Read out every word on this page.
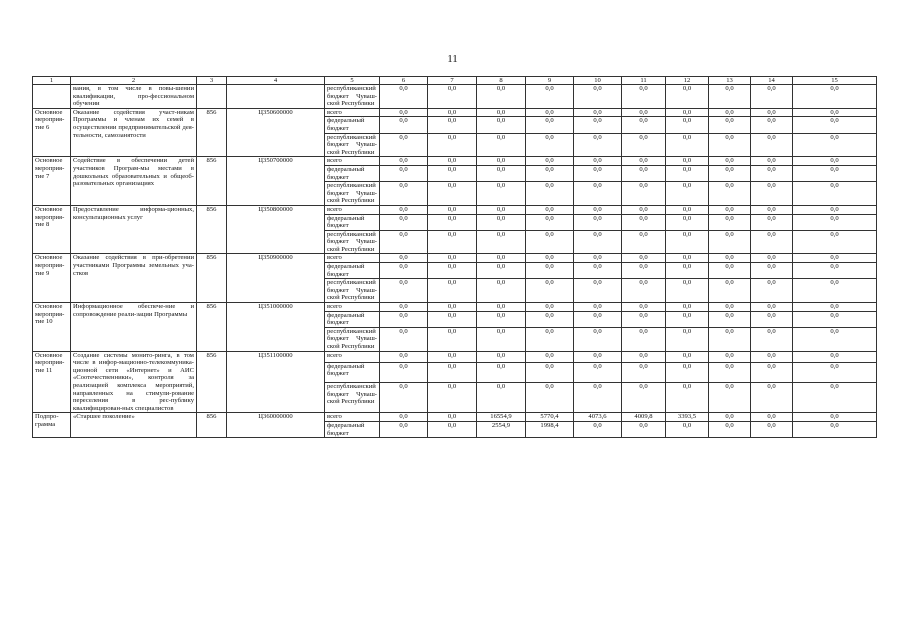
11
1	2	3	4	5	6	7	8	9	10	11	12	13	14	15
	вания, в том числе в повы-шении квалификации, про-фессиональном обучении			республиканский бюджет Чуваш-ской Республики	0,0	0,0	0,0	0,0	0,0	0,0	0,0	0,0	0,0	0,0
Основное мероприя-тие 6	Оказание содействия участ-никам Программы и членам их семей в осуществлении предпринимательской дея-тельности, самозанятости	856	Ц350600000	всего	0,0	0,0	0,0	0,0	0,0	0,0	0,0	0,0	0,0	0,0
				федеральный бюджет	0,0	0,0	0,0	0,0	0,0	0,0	0,0	0,0	0,0	0,0
				республиканский бюджет Чуваш-ской Республики	0,0	0,0	0,0	0,0	0,0	0,0	0,0	0,0	0,0	0,0
Основное мероприя-тие 7	Содействие в обеспечении детей участников Програм-мы местами в дошкольных образовательных и общеоб-разовательных организациях	856	Ц350700000	всего	0,0	0,0	0,0	0,0	0,0	0,0	0,0	0,0	0,0	0,0
				федеральный бюджет	0,0	0,0	0,0	0,0	0,0	0,0	0,0	0,0	0,0	0,0
				республиканский бюджет Чуваш-ской Республики	0,0	0,0	0,0	0,0	0,0	0,0	0,0	0,0	0,0	0,0
Основное мероприя-тие 8	Предоставление информа-ционных, консультационных услуг	856	Ц350800000	всего	0,0	0,0	0,0	0,0	0,0	0,0	0,0	0,0	0,0	0,0
				федеральный бюджет	0,0	0,0	0,0	0,0	0,0	0,0	0,0	0,0	0,0	0,0
				республиканский бюджет Чуваш-ской Республики	0,0	0,0	0,0	0,0	0,0	0,0	0,0	0,0	0,0	0,0
Основное мероприя-тие 9	Оказание содействия в при-обретении участниками Программы земельных уча-стков	856	Ц350900000	всего	0,0	0,0	0,0	0,0	0,0	0,0	0,0	0,0	0,0	0,0
				федеральный бюджет	0,0	0,0	0,0	0,0	0,0	0,0	0,0	0,0	0,0	0,0
				республиканский бюджет Чуваш-ской Республики	0,0	0,0	0,0	0,0	0,0	0,0	0,0	0,0	0,0	0,0
Основное мероприя-тие 10	Информационное обеспече-ние и сопровождение реали-зации Программы	856	Ц351000000	всего	0,0	0,0	0,0	0,0	0,0	0,0	0,0	0,0	0,0	0,0
				федеральный бюджет	0,0	0,0	0,0	0,0	0,0	0,0	0,0	0,0	0,0	0,0
				республиканский бюджет Чуваш-ской Республики	0,0	0,0	0,0	0,0	0,0	0,0	0,0	0,0	0,0	0,0
Основное мероприя-тие 11	Создание системы монито-ринга, в том числе в инфор-мационно-телекоммуника-ционной сети «Интернет» и АИС «Соотечественники», контроля за реализацией комплекса мероприятий, направленных на стимули-рование переселения в рес-публику квалифицирован-ных специалистов	856	Ц351100000	всего	0,0	0,0	0,0	0,0	0,0	0,0	0,0	0,0	0,0	0,0
				федеральный бюджет	0,0	0,0	0,0	0,0	0,0	0,0	0,0	0,0	0,0	0,0
				республиканский бюджет Чуваш-ской Республики	0,0	0,0	0,0	0,0	0,0	0,0	0,0	0,0	0,0	0,0
Подпро-грамма	«Старшее поколение»	856	Ц360000000	всего	0,0	0,0	16554,9	5770,4	4073,6	4009,8	3393,5	0,0	0,0	0,0
				федеральный бюджет	0,0	0,0	2554,9	1998,4	0,0	0,0	0,0	0,0	0,0	0,0
